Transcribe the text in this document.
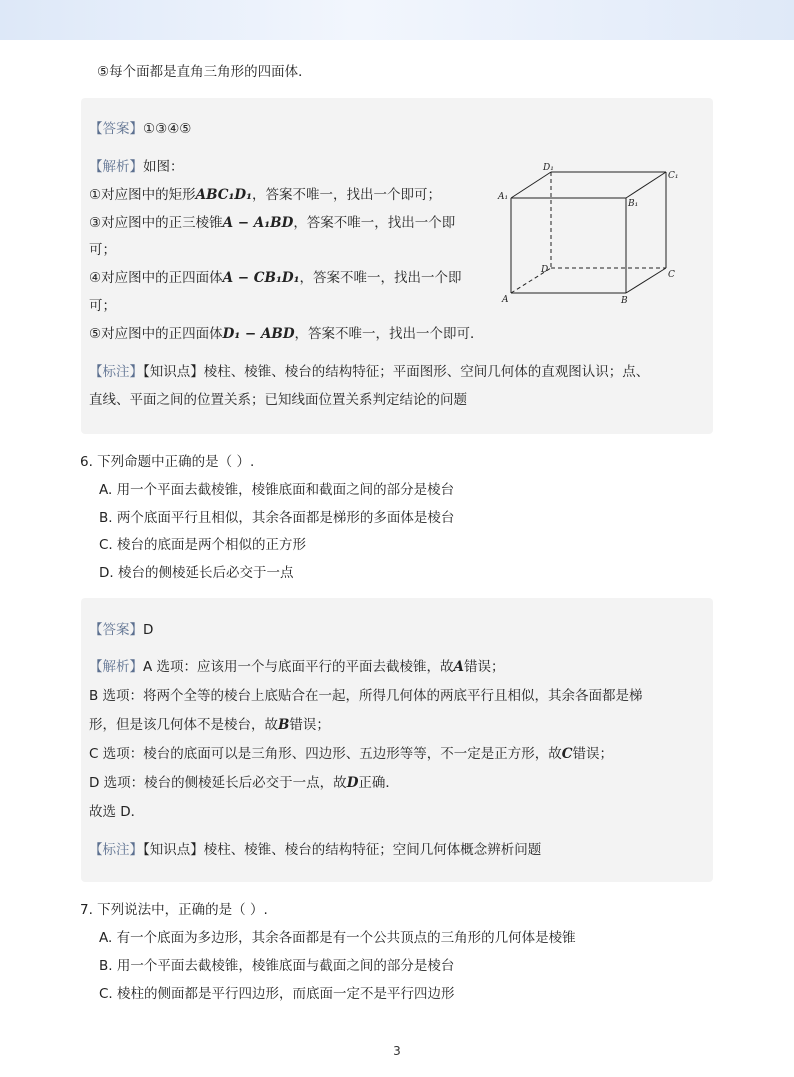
⑤每个面都是直角三角形的四面体．
【答案】①③④⑤
【解析】如图：
①对应图中的矩形ABC₁D₁，答案不唯一，找出一个即可；
③对应图中的正三棱锥A − A₁BD，答案不唯一，找出一个即
可；
④对应图中的正四面体A − CB₁D₁，答案不唯一，找出一个即
可；
⑤对应图中的正四面体D₁ − ABD，答案不唯一，找出一个即可．
【标注】【知识点】棱柱、棱锥、棱台的结构特征；平面图形、空间几何体的直观图认识；点、
直线、平面之间的位置关系；已知线面位置关系判定结论的问题
A₁
D₁
C₁
B₁
D	C
A	B
6. 下列命题中正确的是（ ）.
A. 用一个平面去截棱锥，棱锥底面和截面之间的部分是棱台
B. 两个底面平行且相似，其余各面都是梯形的多面体是棱台
C. 棱台的底面是两个相似的正方形
D. 棱台的侧棱延长后必交于一点
【答案】D
【解析】A 选项：应该用一个与底面平行的平面去截棱锥，故A错误；
B 选项：将两个全等的棱台上底贴合在一起，所得几何体的两底平行且相似，其余各面都是梯
形，但是该几何体不是棱台，故B错误；
C 选项：棱台的底面可以是三角形、四边形、五边形等等，不一定是正方形，故C错误；
D 选项：棱台的侧棱延长后必交于一点，故D正确．
故选 D．
【标注】【知识点】棱柱、棱锥、棱台的结构特征；空间几何体概念辨析问题
7. 下列说法中，正确的是（ ）.
A. 有一个底面为多边形，其余各面都是有一个公共顶点的三角形的几何体是棱锥
B. 用一个平面去截棱锥，棱锥底面与截面之间的部分是棱台
C. 棱柱的侧面都是平行四边形，而底面一定不是平行四边形
3
